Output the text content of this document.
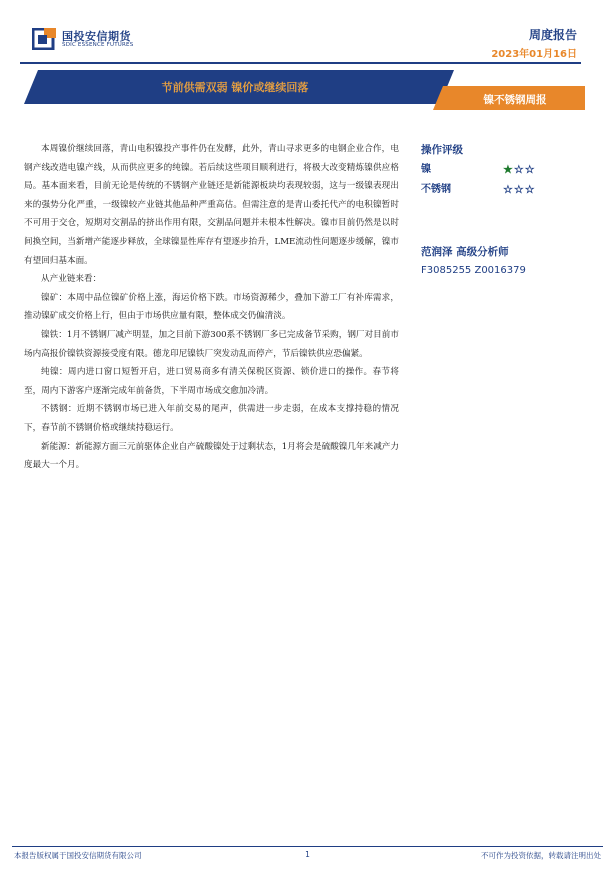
国投安信期货
SDIC ESSENCE FUTURES
周度报告
2023年01月16日
节前供需双弱 镍价或继续回落
镍不锈钢周报

本周镍价继续回落，青山电积镍投产事件仍在发酵，此外，青山寻求更多的电钢企业合作，电钢产线改造电镍产线，从而供应更多的纯镍。若后续这些项目顺利进行，将极大改变精炼镍供应格局。基本面来看，目前无论是传统的不锈钢产业链还是新能源板块均表现较弱，这与一级镍表现出来的强势分化严重，一级镍较产业链其他品种严重高估。但需注意的是青山委托代产的电积镍暂时不可用于交仓，短期对交割品的挤出作用有限，交割品问题并未根本性解决。镍市目前仍然是以时间换空间，当新增产能逐步释放，全球镍显性库存有望逐步抬升，LME流动性问题逐步缓解，镍市有望回归基本面。

从产业链来看：

镍矿：本周中品位镍矿价格上涨，海运价格下跌。市场资源稀少，叠加下游工厂有补库需求，推动镍矿成交价格上行，但由于市场供应量有限，整体成交仍偏清淡。

镍铁：1月不锈钢厂减产明显，加之目前下游300系不锈钢厂多已完成备节采购，钢厂对目前市场内高报价镍铁资源接受度有限。德龙印尼镍铁厂突发动乱而停产，节后镍铁供应恐偏紧。

纯镍：周内进口窗口短暂开启，进口贸易商多有清关保税区资源、锁价进口的操作。春节将至，周内下游客户逐渐完成年前备货，下半周市场成交愈加冷清。

不锈钢：近期不锈钢市场已进入年前交易的尾声，供需进一步走弱，在成本支撑持稳的情况下，春节前不锈钢价格或继续持稳运行。

新能源：新能源方面三元前驱体企业自产硫酸镍处于过剩状态，1月将会是硫酸镍几年来减产力度最大一个月。

操作评级
镍	★☆☆
不锈钢	☆☆☆
范润泽 高级分析师
F3085255 Z0016379
本报告版权属于国投安信期货有限公司	1	不可作为投资依据，转载请注明出处
